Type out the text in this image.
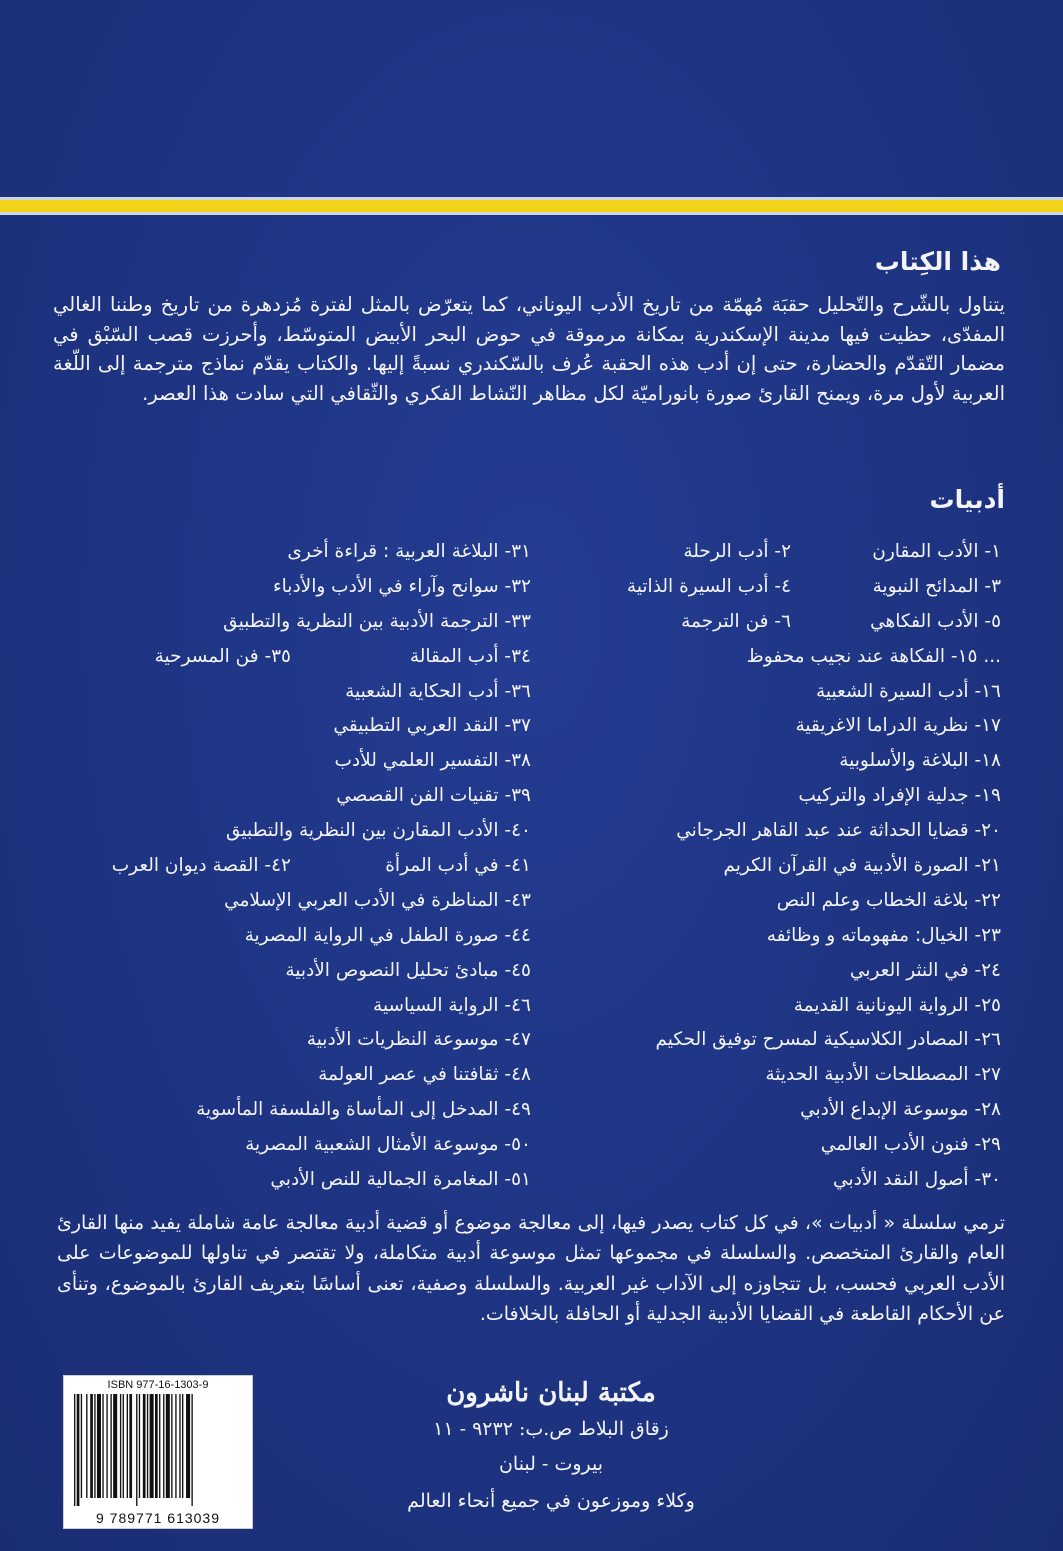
هذا الكِتاب

يتناول بالشّرح والتّحليل حقبَة مُهمّة من تاريخ الأدب اليوناني، كما يتعرّض بالمثل لفترة مُزدهرة من تاريخ وطننا الغالي المفدّى، حظيت فيها مدينة الإسكندرية بمكانة مرموقة في حوض البحر الأبيض المتوسّط، وأحرزت قصب السّبْق في مضمار التّقدّم والحضارة، حتى إن أدب هذه الحقبة عُرف بالسّكندري نسبةً إليها. والكتاب يقدّم نماذج مترجمة إلى اللّغة العربية لأول مرة، ويمنح القارئ صورة بانوراميّة لكل مظاهر النّشاط الفكري والثّقافي التي سادت هذا العصر.

أدبيات
١- الأدب المقارن
٢- أدب الرحلة
٣- المدائح النبوية
٤- أدب السيرة الذاتية
٥- الأدب الفكاهي
٦- فن الترجمة
... ١٥- الفكاهة عند نجيب محفوظ
١٦- أدب السيرة الشعبية
١٧- نظرية الدراما الاغريقية
١٨- البلاغة والأسلوبية
١٩- جدلية الإفراد والتركيب
٢٠- قضايا الحداثة عند عبد القاهر الجرجاني
٢١- الصورة الأدبية في القرآن الكريم
٢٢- بلاغة الخطاب وعلم النص
٢٣- الخيال: مفهوماته و وظائفه
٢٤- في النثر العربي
٢٥- الرواية اليونانية القديمة
٢٦- المصادر الكلاسيكية لمسرح توفيق الحكيم
٢٧- المصطلحات الأدبية الحديثة
٢٨- موسوعة الإبداع الأدبي
٢٩- فنون الأدب العالمي
٣٠- أصول النقد الأدبي
٣١- البلاغة العربية : قراءة أخرى
٣٢- سوانح وآراء في الأدب والأدباء
٣٣- الترجمة الأدبية بين النظرية والتطبيق
٣٤- أدب المقالة
٣٥- فن المسرحية
٣٦- أدب الحكاية الشعبية
٣٧- النقد العربي التطبيقي
٣٨- التفسير العلمي للأدب
٣٩- تقنيات الفن القصصي
٤٠- الأدب المقارن بين النظرية والتطبيق
٤١- في أدب المرأة
٤٢- القصة ديوان العرب
٤٣- المناظرة في الأدب العربي الإسلامي
٤٤- صورة الطفل في الرواية المصرية
٤٥- مبادئ تحليل النصوص الأدبية
٤٦- الرواية السياسية
٤٧- موسوعة النظريات الأدبية
٤٨- ثقافتنا في عصر العولمة
٤٩- المدخل إلى المأساة والفلسفة المأسوية
٥٠- موسوعة الأمثال الشعبية المصرية
٥١- المغامرة الجمالية للنص الأدبي

ترمي سلسلة « أدبيات »، في كل كتاب يصدر فيها، إلى معالجة موضوع أو قضية أدبية معالجة عامة شاملة يفيد منها القارئ العام والقارئ المتخصص. والسلسلة في مجموعها تمثل موسوعة أدبية متكاملة، ولا تقتصر في تناولها للموضوعات على الأدب العربي فحسب، بل تتجاوزه إلى الآداب غير العربية. والسلسلة وصفية، تعنى أساسًا بتعريف القارئ بالموضوع، وتنأى عن الأحكام القاطعة في القضايا الأدبية الجدلية أو الحافلة بالخلافات.

ISBN 977-16-1303-9
9 789771 613039

مكتبة لبنان ناشرون

زقاق البلاط ص.ب: ٩٢٣٢ - ١١

بيروت - لبنان

وكلاء وموزعون في جميع أنحاء العالم
